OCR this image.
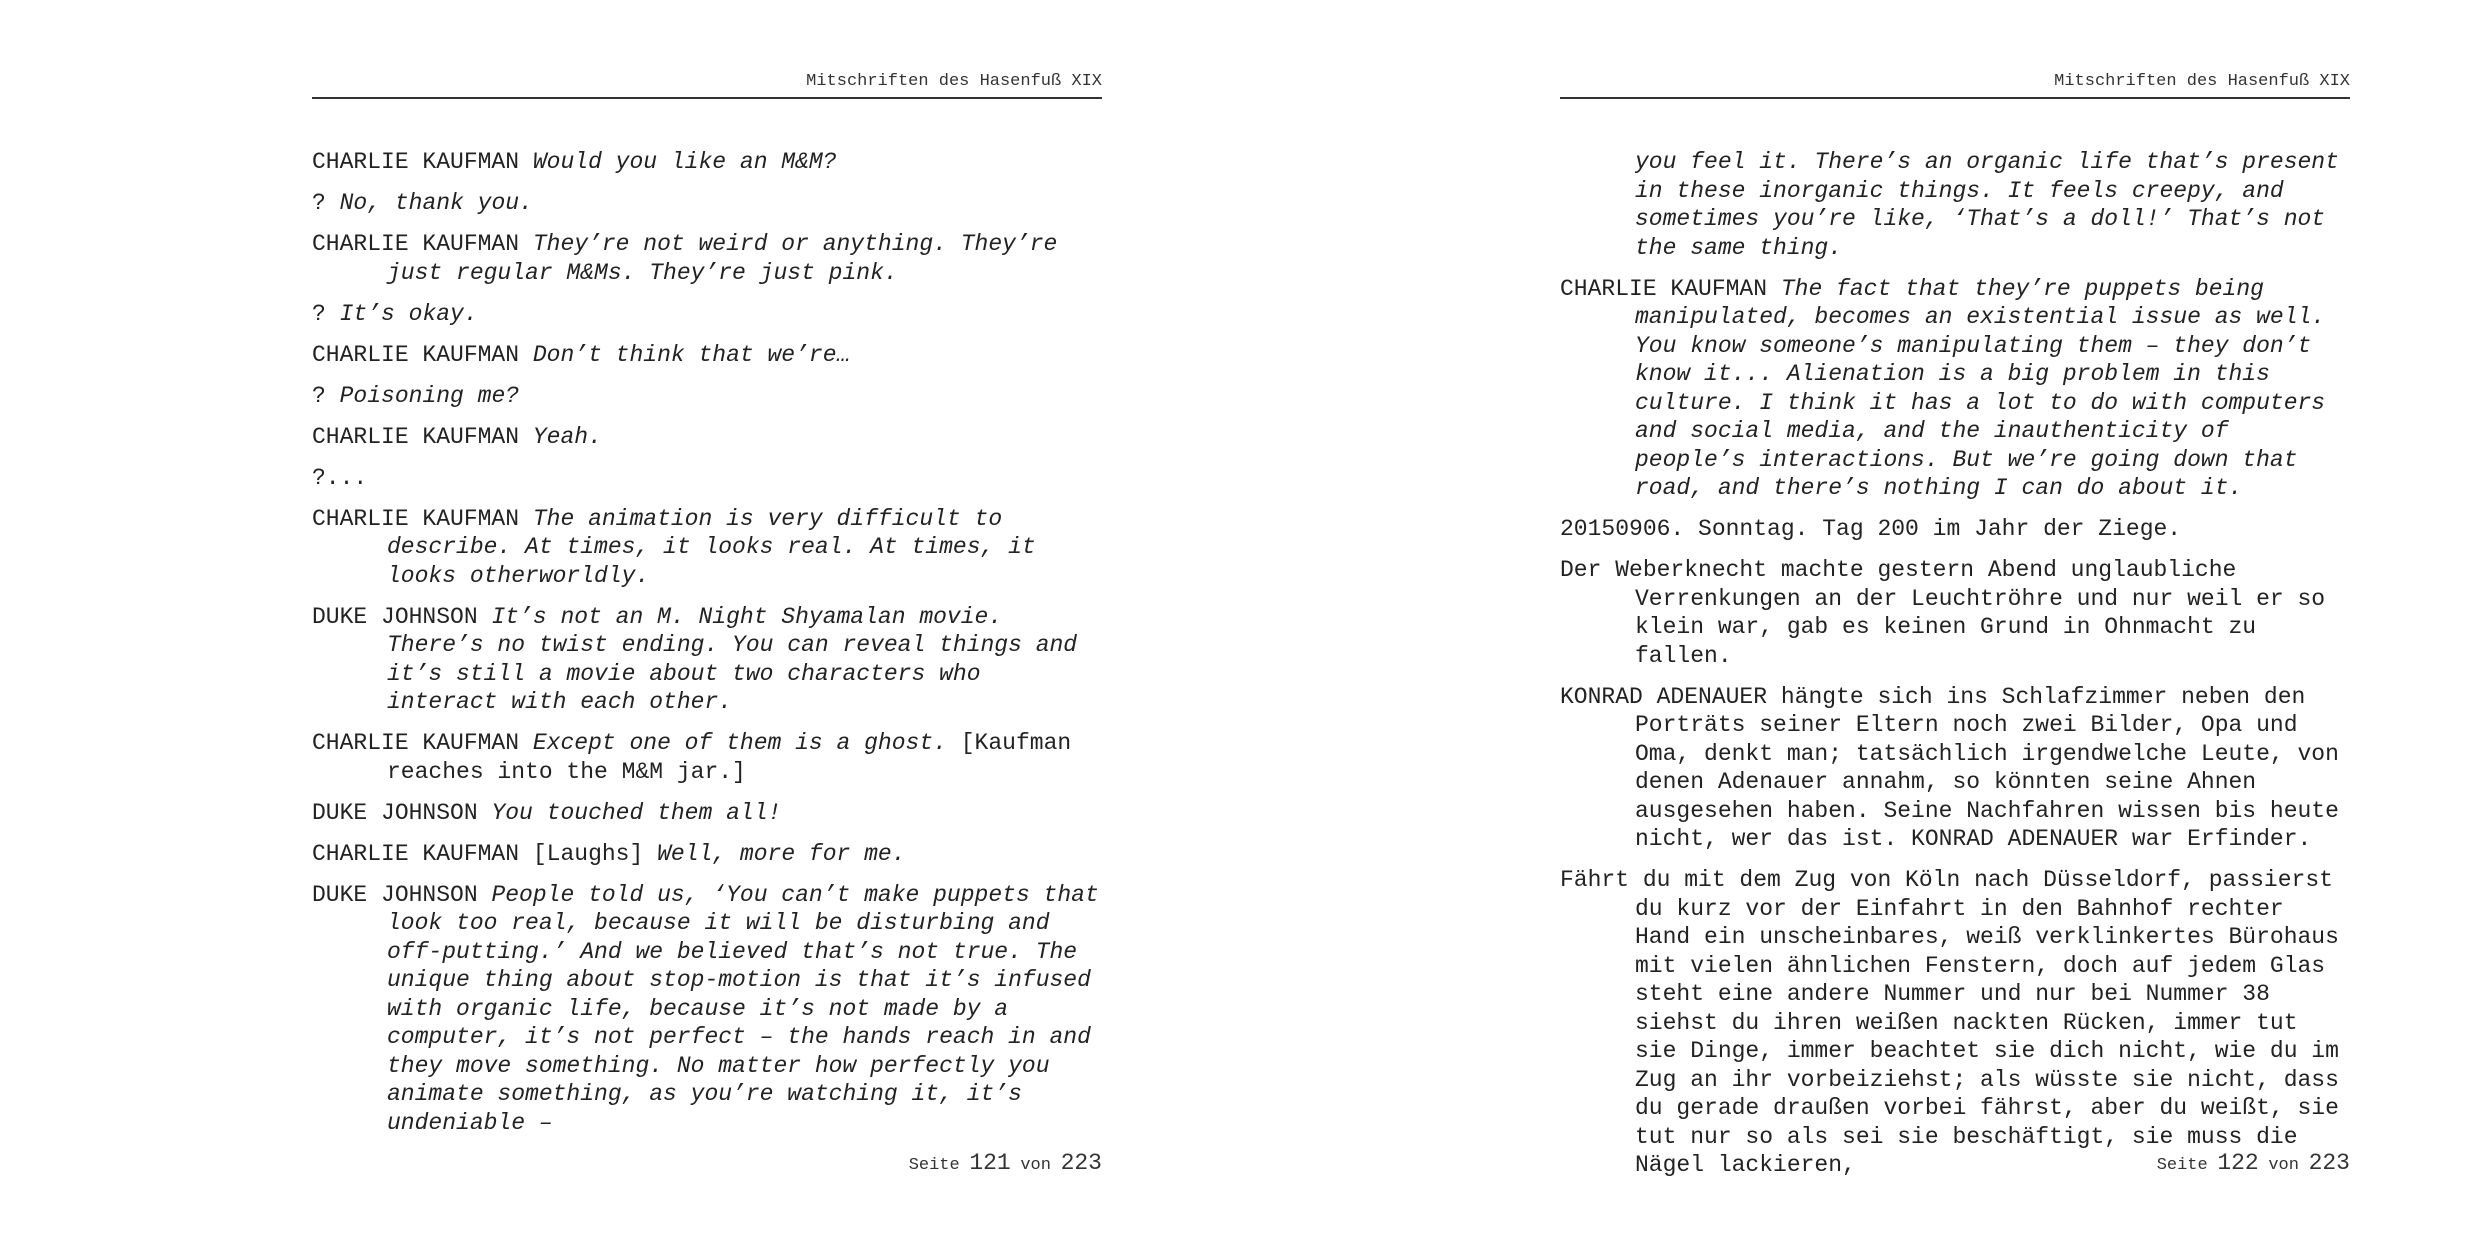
Mitschriften des Hasenfuß XIX

CHARLIE KAUFMAN Would you like an M&M?

? No, thank you.

CHARLIE KAUFMAN They’re not weird or anything. They’re just regular M&Ms. They’re just pink.

? It’s okay.

CHARLIE KAUFMAN Don’t think that we’re…

? Poisoning me?

CHARLIE KAUFMAN Yeah.

?...

CHARLIE KAUFMAN The animation is very difficult to describe. At times, it looks real. At times, it looks otherworldly.

DUKE JOHNSON It’s not an M. Night Shyamalan movie. There’s no twist ending. You can reveal things and it’s still a movie about two characters who interact with each other.

CHARLIE KAUFMAN Except one of them is a ghost. [Kaufman reaches into the M&M jar.]

DUKE JOHNSON You touched them all!

CHARLIE KAUFMAN [Laughs] Well, more for me.

DUKE JOHNSON People told us, ‘You can’t make puppets that look too real, because it will be disturbing and off-putting.’ And we believed that’s not true. The unique thing about stop-motion is that it’s infused with organic life, because it’s not made by a computer, it’s not perfect – the hands reach in and they move something. No matter how perfectly you animate something, as you’re watching it, it’s undeniable –

Seite 121 von 223
Mitschriften des Hasenfuß XIX

you feel it. There’s an organic life that’s present in these inorganic things. It feels creepy, and sometimes you’re like, ‘That’s a doll!’ That’s not the same thing.

CHARLIE KAUFMAN The fact that they’re puppets being manipulated, becomes an existential issue as well. You know someone’s manipulating them – they don’t know it... Alienation is a big problem in this culture. I think it has a lot to do with computers and social media, and the inauthenticity of people’s interactions. But we’re going down that road, and there’s nothing I can do about it.

20150906. Sonntag. Tag 200 im Jahr der Ziege.

Der Weberknecht machte gestern Abend unglaubliche Verrenkungen an der Leuchtröhre und nur weil er so klein war, gab es keinen Grund in Ohnmacht zu fallen.

KONRAD ADENAUER hängte sich ins Schlafzimmer neben den Porträts seiner Eltern noch zwei Bilder, Opa und Oma, denkt man; tatsächlich irgendwelche Leute, von denen Adenauer annahm, so könnten seine Ahnen ausgesehen haben. Seine Nachfahren wissen bis heute nicht, wer das ist. KONRAD ADENAUER war Erfinder.

Fährt du mit dem Zug von Köln nach Düsseldorf, passierst du kurz vor der Einfahrt in den Bahnhof rechter Hand ein unscheinbares, weiß verklinkertes Bürohaus mit vielen ähnlichen Fenstern, doch auf jedem Glas steht eine andere Nummer und nur bei Nummer 38 siehst du ihren weißen nackten Rücken, immer tut sie Dinge, immer beachtet sie dich nicht, wie du im Zug an ihr vorbeiziehst; als wüsste sie nicht, dass du gerade draußen vorbei fährst, aber du weißt, sie tut nur so als sei sie beschäftigt, sie muss die Nägel lackieren,	Seite 122 von 223
